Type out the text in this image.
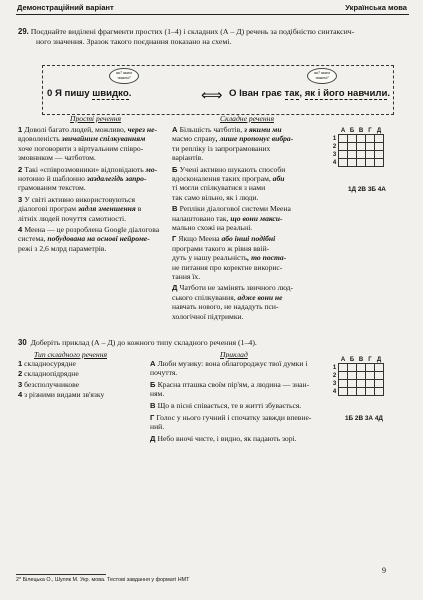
Демонстраційний варіант	Українська мова

29. Поєднайте виділені фрагменти простих (1–4) і складних (А – Д) речень за подібністю синтаксич-

ного значення. Зразок такого поєднання показано на схемі.

як? яким чином?
як? яким чином?
0 Я пишу швидко.	⟺ О Іван грає так, як і його навчили.
Прості речення	Складне речення

1 Доволі багато людей, можливо, через не-
вдоволеність звичайним спілкуванням
хоче поговорити з віртуальним співро-
змовником — чатботом.

2 Такі «співрозмовники» відповідають мо-
нотонно й шаблонно заздалегідь запро-
грамованим текстом.

3 У світі активно використовуються
діалогові програм задля зменшення в
літніх людей почуття самотності.

4 Меена — це розроблена Google діалогова
система, побудована на основі нейроме-
режі з 2,6 млрд параметрів.

А Більшість чатботів, з якими ми
масмо справу, лише пропонує вибра-
ти репліку із запрограмованих
варіантів.

Б Учені активно шукають способи
вдосконалення таких програм, аби
ті могли спілкуватися з нами
так само вільно, як і люди.

В Репліки діалогової системи Меена
налаштовано так, що вони макси-
мально схожі на реальні.

Г Якщо Меена або інші подібні
програми такого ж рівня ввій-
дуть у нашу реальність, то поста-
не питання про коректне викорис-
тання їх.

Д Чатботи не замінять звичного люд-
ського спілкування, адже вони не
навчать нового, не нададуть пси-
хологічної підтримки.

	А	Б	В	Г	Д
1					
2					
3					
4					
1Д 2В 3Б 4А

30 Доберіть приклад (А – Д) до кожного типу складного речення (1–4).

Тип складного речення	Приклад

1 складносурядне

2 складнопідрядне

3 безсполучникове

4 з різними видами зв'язку

А Люби музику: вона облагороджує твої думки і
почуття.

Б Красна пташка своїм пір'ям, а людина — знан-
ням.

В Що в пісні співається, те в житті збувається.

Г Голос у нього гучний і спочатку завжди впевне-
ний.

Д Небо вночі чисте, і видно, як падають зорі.

	А	Б	В	Г	Д
1					
2					
3					
4					
1Б 2В 3А 4Д
2* Білецька О., Шуляк М. Укр. мова. Тестові завдання у форматі НМТ
9
